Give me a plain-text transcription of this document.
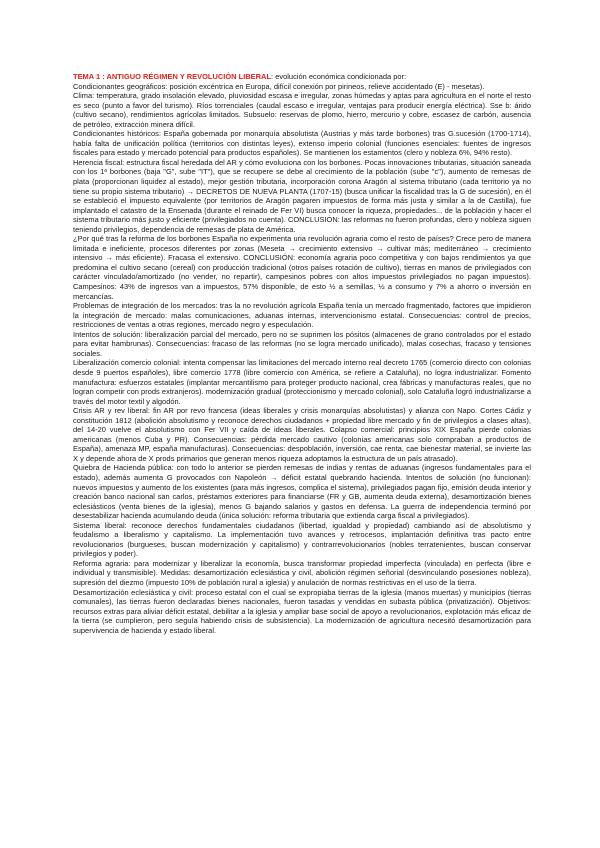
TEMA 1 : ANTIGUO RÉGIMEN Y REVOLUCIÓN LIBERAL: evolución económica condicionada por:

Condicionantes geográficos: posición excéntrica en Europa, difícil conexión por pirineos, relieve accidentado (E) - mesetas).

Clima: temperatura, grado insolación elevado, pluviosidad escasa e irregular, zonas húmedas y aptas para agricultura en el norte el resto es seco (punto a favor del turismo). Ríos torrenciales (caudal escaso e irregular, ventajas para producir energía eléctrica). Sse b: árido (cultivo secano), rendimientos agrícolas limitados. Subsuelo: reservas de plomo, hierro, mercurio y cobre, escasez de carbón, ausencia de petróleo, extracción minera difícil.

Condicionantes históricos: España gobernada por monarquía absolutista (Austrias y más tarde borbones) tras G.sucesión (1700-1714), había falta de unificación política (territorios con distintas leyes), extenso imperio colonial (funciones esenciales: fuentes de ingresos fiscales para estado y mercado potencial para productos españoles). Se mantienen los estamentos (clero y nobleza 6%, 94% resto).

Herencia fiscal: estructura fiscal heredada del AR y cómo evoluciona con los borbones. Pocas innovaciones tributarias, situación saneada con los 1º borbones (baja "G", sube "IT"), que se recupere se debe al crecimiento de la población (sube "c"), aumento de remesas de plata (proporcionan liquidez al estado), mejor gestión tributaria, incorporación corona Aragón al sistema tributario (cada territorio ya no tiene su propio sistema tributario) → DECRETOS DE NUEVA PLANTA (1707-15) (busca unificar la fiscalidad tras la G de sucesión), en él se estableció el impuesto equivalente (por territorios de Aragón pagaren impuestos de forma más justa y similar a la de Castilla), fue implantado el catastro de la Ensenada (durante el reinado de Fer VI) busca conocer la riqueza, propiedades... de la población y hacer el sistema tributario más justo y eficiente (privilegiados no cuenta). CONCLUSIÓN: las reformas no fueron profundas, clero y nobleza siguen teniendo privilegios, dependencia de remesas de plata de América.

¿Por qué tras la reforma de los borbones España no experimenta una revolución agraria como el resto de países? Crece pero de manera limitada e ineficiente, procesos diferentes por zonas (Meseta → crecimiento extensivo → cultivar más; mediterráneo → crecimiento intensivo → más eficiente). Fracasa el extensivo. CONCLUSIÓN: economía agraria poco competitiva y con bajos rendimientos ya que predomina el cultivo secano (cereal) con producción tradicional (otros países rotación de cultivo), tierras en manos de privilegiados con carácter vinculado/amortizado (no vender, no repartir), campesinos pobres con altos impuestos privilegiados no pagan impuestos). Campesinos: 43% de ingresos van a impuestos, 57% disponible, de esto ½ a semillas, ½ a consumo y 7% a ahorro o inversión en mercancías.

Problemas de integración de los mercados: tras la no revolución agrícola España tenía un mercado fragmentado, factores que impidieron la integración de mercado: malas comunicaciones, aduanas internas, intervencionismo estatal. Consecuencias: control de precios, restricciones de ventas a otras regiones, mercado negro y especulación.

Intentos de solución: liberalización parcial del mercado, pero no se suprimen los pósitos (almacenes de grano controlados por el estado para evitar hambrunas). Consecuencias: fracaso de las reformas (no se logra mercado unificado), malas cosechas, fracaso y tensiones sociales.

Liberalización comercio colonial: intenta compensar las limitaciones del mercado interno real decreto 1765 (comercio directo con colonias desde 9 puertos españoles), libre comercio 1778 (libre comercio con América, se refiere a Cataluña), no logra industrializar. Fomento manufactura: esfuerzos estatales (implantar mercantilismo para proteger producto nacional, crea fábricas y manufacturas reales, que no logran competir con prods extranjeros). modernización gradual (proteccionismo y mercado colonial), solo Cataluña logró industrializarse a través del motor textil y algodón.

Crisis AR y rev liberal: fin AR por revo francesa (ideas liberales y crisis monarquías absolutistas) y alianza con Napo. Cortes Cádiz y constitución 1812 (abolición absolutismo y reconoce derechos ciudadanos + propiedad libre mercado y fin de privilegios a clases altas), del 14-20 vuelve el absolutismo con Fer VII y caída de ideas liberales. Colapso comercial: principios XIX España pierde colonias americanas (menos Cuba y PR). Consecuencias: pérdida mercado cautivo (colonias americanas solo compraban a productos de España), amenaza MP, españa manufacturas). Consecuencias: despoblación, inversión, cae renta, cae bienestar material, se invierte las X y depende ahora de X prods primarios que generan menos riqueza adoptamos la estructura de un país atrasado).

Quiebra de Hacienda pública: con todo lo anterior se pierden remesas de indias y rentas de aduanas (ingresos fundamentales para el estado), además aumenta G provocados con Napoleón → déficit estatal quebrando hacienda. Intentos de solución (no funcionan): nuevos impuestos y aumento de los existentes (para más ingresos, complica el sistema), privilegiados pagan fijo, emisión deuda interior y creación banco nacional san carlos, préstamos exteriores para financiarse (FR y GB, aumenta deuda externa), desamortización bienes eclesiásticos (venta bienes de la iglesia), menos G bajando salarios y gastos en defensa. La guerra de independencia terminó por desestabilizar hacienda acumulando deuda (única solución: reforma tributaria que extienda carga fiscal a privilegiados).

Sistema liberal: reconoce derechos fundamentales ciudadanos (libertad, igualdad y propiedad) cambiando así de absolutismo y feudalismo a liberalismo y capitalismo. La implementación tuvo avances y retrocesos, implantación definitiva tras pacto entre revolucionarios (burgueses, buscan modernización y capitalismo) y contrarrevolucionarios (nobles terratenientes, buscan conservar privilegios y poder).

Reforma agraria: para modernizar y liberalizar la economía, busca transformar propiedad imperfecta (vinculada) en perfecta (libre e individual y transmisible). Medidas: desamortización eclesiástica y civil, abolición régimen señorial (desvinculando posesiones nobleza), supresión del diezmo (impuesto 10% de población rural a iglesia) y anulación de normas restrictivas en el uso de la tierra.

Desamortización eclesiástica y civil: proceso estatal con el cual se expropiaba tierras de la iglesia (manos muertas) y municipios (tierras comunales), las tierras fueron declaradas bienes nacionales, fueron tasadas y vendidas en subasta pública (privatización). Objetivos: recursos extras para aliviar déficit estatal, debilitar a la iglesia y ampliar base social de apoyo a revolucionarios, explotación más eficaz de la tierra (se cumplieron, pero seguía habiendo crisis de subsistencia). La modernización de agricultura necesitó desamortización para supervivencia de hacienda y estado liberal.
